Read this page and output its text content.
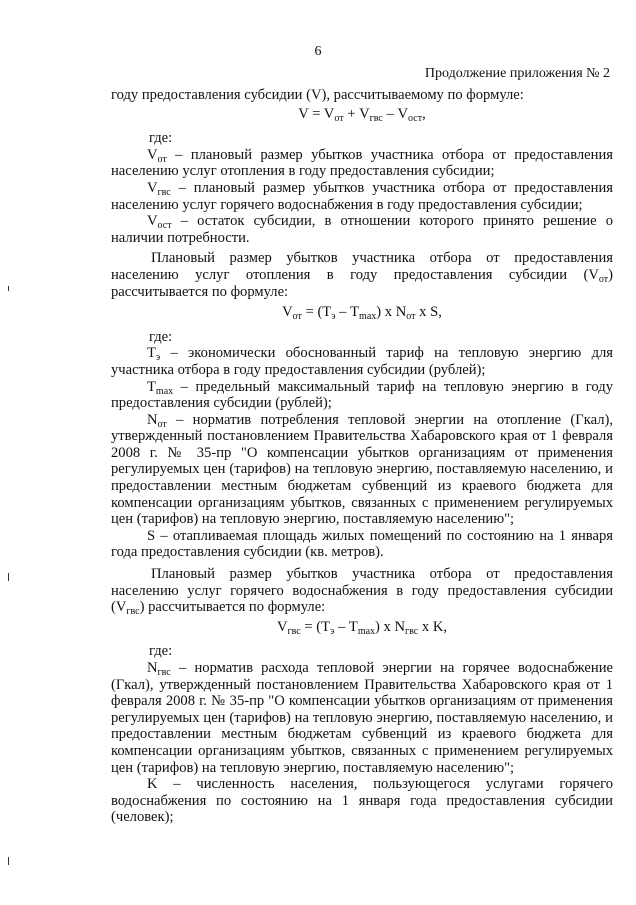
6
Продолжение приложения № 2

году предоставления субсидии (V), рассчитываемому по формуле:

$V = V_{от} + V_{гвс} - V_{ост}$,

где:

$V_{от}$ – плановый размер убытков участника отбора от предоставления населению услуг отопления в году предоставления субсидии;

$V_{гвс}$ – плановый размер убытков участника отбора от предоставления населению услуг горячего водоснабжения в году предоставления субсидии;

$V_{ост}$ – остаток субсидии, в отношении которого принято решение о наличии потребности.

Плановый размер убытков участника отбора от предоставления населению услуг отопления в году предоставления субсидии $(V_{от})$ рассчитывается по формуле:

$V_{от} = (Т_э - Т_{max})$ x $N_{от}$ x S,

где:

$Т_э$ – экономически обоснованный тариф на тепловую энергию для участника отбора в году предоставления субсидии (рублей);

$Т_{max}$ – предельный максимальный тариф на тепловую энергию в году предоставления субсидии (рублей);

$N_{от}$ – норматив потребления тепловой энергии на отопление (Гкал), утвержденный постановлением Правительства Хабаровского края от 1 февраля 2008 г. № 35-пр "О компенсации убытков организациям от применения регулируемых цен (тарифов) на тепловую энергию, поставляемую населению, и предоставлении местным бюджетам субвенций из краевого бюджета для компенсации организациям убытков, связанных с применением регулируемых цен (тарифов) на тепловую энергию, поставляемую населению";

S – отапливаемая площадь жилых помещений по состоянию на 1 января года предоставления субсидии (кв. метров).

Плановый размер убытков участника отбора от предоставления населению услуг горячего водоснабжения в году предоставления субсидии $(V_{гвс})$ рассчитывается по формуле:

$V_{гвс} = (Т_э - Т_{max})$ x $N_{гвс}$ x K,

где:

$N_{гвс}$ – норматив расхода тепловой энергии на горячее водоснабжение (Гкал), утвержденный постановлением Правительства Хабаровского края от 1 февраля 2008 г. № 35-пр "О компенсации убытков организациям от применения регулируемых цен (тарифов) на тепловую энергию, поставляемую населению, и предоставлении местным бюджетам субвенций из краевого бюджета для компенсации организациям убытков, связанных с применением регулируемых цен (тарифов) на тепловую энергию, поставляемую населению";

K – численность населения, пользующегося услугами горячего водоснабжения по состоянию на 1 января года предоставления субсидии (человек);
